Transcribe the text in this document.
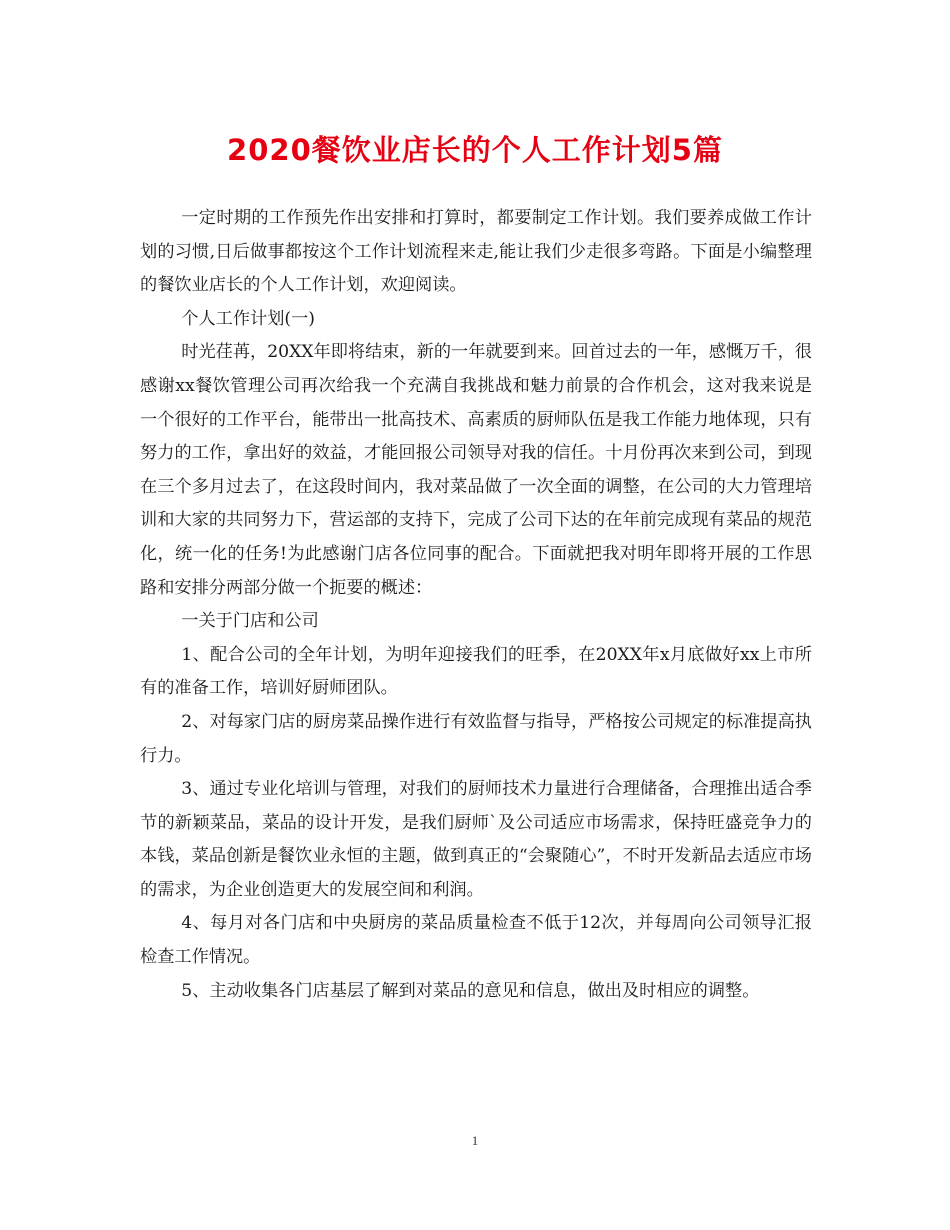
2020餐饮业店长的个人工作计划5篇

一定时期的工作预先作出安排和打算时，都要制定工作计划。我们要养成做工作计划的习惯,日后做事都按这个工作计划流程来走,能让我们少走很多弯路。下面是小编整理的餐饮业店长的个人工作计划，欢迎阅读。

个人工作计划(一)

时光荏苒，20XX年即将结束，新的一年就要到来。回首过去的一年，感慨万千，很感谢xx餐饮管理公司再次给我一个充满自我挑战和魅力前景的合作机会，这对我来说是一个很好的工作平台，能带出一批高技术、高素质的厨师队伍是我工作能力地体现，只有努力的工作，拿出好的效益，才能回报公司领导对我的信任。十月份再次来到公司，到现在三个多月过去了，在这段时间内，我对菜品做了一次全面的调整，在公司的大力管理培训和大家的共同努力下，营运部的支持下，完成了公司下达的在年前完成现有菜品的规范化，统一化的任务!为此感谢门店各位同事的配合。下面就把我对明年即将开展的工作思路和安排分两部分做一个扼要的概述：

一关于门店和公司

1、配合公司的全年计划，为明年迎接我们的旺季，在20XX年x月底做好xx上市所有的准备工作，培训好厨师团队。

2、对每家门店的厨房菜品操作进行有效监督与指导，严格按公司规定的标准提高执行力。

3、通过专业化培训与管理，对我们的厨师技术力量进行合理储备，合理推出适合季节的新颖菜品，菜品的设计开发，是我们厨师`及公司适应市场需求，保持旺盛竞争力的本钱，菜品创新是餐饮业永恒的主题，做到真正的“会聚随心”，不时开发新品去适应市场的需求，为企业创造更大的发展空间和利润。

4、每月对各门店和中央厨房的菜品质量检查不低于12次，并每周向公司领导汇报检查工作情况。

5、主动收集各门店基层了解到对菜品的意见和信息，做出及时相应的调整。

1
